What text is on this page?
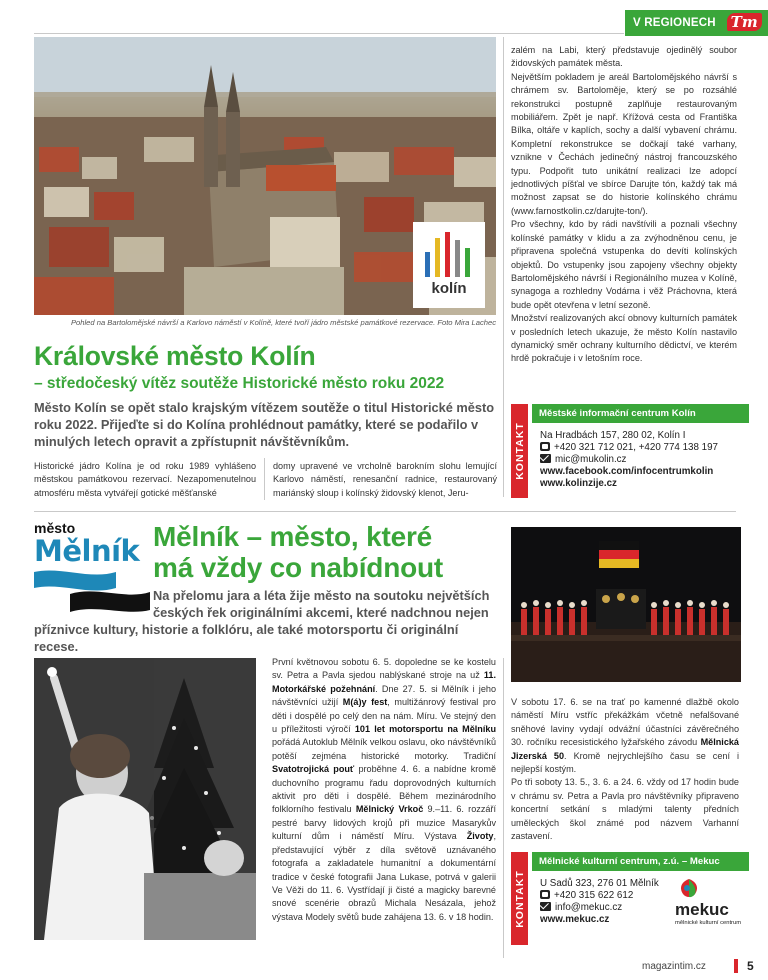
V REGIONECH Tm
kolín
Pohled na Bartolomějské návrší a Karlovo náměstí v Kolíně, které tvoří jádro městské památkové rezervace. Foto Mira Lachec
Královské město Kolín
– středočeský vítěz soutěže Historické město roku 2022
Město Kolín se opět stalo krajským vítězem soutěže o titul Historické město roku 2022. Přijeďte si do Kolína prohlédnout památky, které se podařilo v minulých letech opravit a zpřístupnit návštěvníkům.
Historické jádro Kolína je od roku 1989 vyhlášeno městskou památkovou rezervací. Nezapomenutelnou atmosféru města vytvářejí gotické měšťanské
domy upravené ve vrcholně barokním slohu lemující Karlovo náměstí, renesanční radnice, restaurovaný mariánský sloup i kolínský židovský klenot, Jeru-

zalém na Labi, který představuje ojedinělý soubor židovských památek města.

Největším pokladem je areál Bartolomějského návrší s chrámem sv. Bartoloměje, který se po rozsáhlé rekonstrukci postupně zaplňuje restaurovaným mobiliářem. Zpět je např. Křížová cesta od Františka Bílka, oltáře v kaplích, sochy a další vybavení chrámu. Kompletní rekonstrukce se dočkají také varhany, vznikne v Čechách jedinečný nástroj francouzského typu. Podpořit tuto unikátní realizaci lze adopcí jednotlivých píšťal ve sbírce Darujte tón, každý tak má možnost zapsat se do historie kolínského chrámu (www.farnostkolin.cz/darujte-ton/).

Pro všechny, kdo by rádi navštívili a poznali všechny kolínské památky v klidu a za zvýhodněnou cenu, je připravena společná vstupenka do devíti kolínských objektů. Do vstupenky jsou zapojeny všechny objekty Bartolomějského návrší i Regionálního muzea v Kolíně, synagoga a rozhledny Vodárna i věž Práchovna, která bude opět otevřena v letní sezoně.

Množství realizovaných akcí obnovy kulturních památek v posledních letech ukazuje, že město Kolín nastavilo dynamický směr ochrany kulturního dědictví, ve kterém hrdě pokračuje i v letošním roce.

KONTAKT
Městské informační centrum Kolín
Na Hradbách 157, 280 02, Kolín I
+420 321 712 021, +420 774 138 197
mic@mukolin.cz
www.facebook.com/infocentrumkolin
www.kolinzije.cz
město
Mělník Mělník – město, které
má vždy co nabídnout
Na přelomu jara a léta žije město na soutoku největších
českých řek originálními akcemi, které nadchnou nejen
příznivce kultury, historie a folklóru, ale také motorsportu či originální recese.

První květnovou sobotu 6. 5. dopoledne se ke kostelu sv. Petra a Pavla sjedou nablýskané stroje na už 11. Motorkářské požehnání. Dne 27. 5. si Mělník i jeho návštěvníci užijí M(á)y fest, multižánrový festival pro děti i dospělé po celý den na nám. Míru. Ve stejný den u příležitosti výročí 101 let motorsportu na Mělníku pořádá Autoklub Mělník velkou oslavu, oko návštěvníků potěší zejména historické motorky. Tradiční Svatotrojická pouť proběhne 4. 6. a nabídne kromě duchovního programu řadu doprovodných kulturních aktivit pro děti i dospělé. Během mezinárodního folklorního festivalu Mělnický Vrkoč 9.–11. 6. rozzáří pestré barvy lidových krojů při muzice Masarykův kulturní dům i náměstí Míru. Výstava Životy, představující výběr z díla světově uznávaného fotografa a zakladatele humanitní a dokumentární tradice v české fotografii Jana Lukase, potrvá v galerii Ve Věži do 11. 6. Vystřídají ji čisté a magicky barevné snové scenérie obrazů Michala Nesázala, jehož výstava Modely světů bude zahájena 13. 6. v 18 hodin.

V sobotu 17. 6. se na trať po kamenné dlažbě okolo náměstí Míru vstříc překážkám včetně nefalšované sněhové laviny vydají odvážní účastníci závěrečného 30. ročníku recesistického lyžařského závodu Mělnická Jizerská 50. Kromě nejrychlejšího času se cení i nejlepší kostým.

Po tři soboty 13. 5., 3. 6. a 24. 6. vždy od 17 hodin bude v chrámu sv. Petra a Pavla pro návštěvníky připraveno koncertní setkání s mladými talenty předních uměleckých škol známé pod názvem Varhanní zastavení.

KONTAKT
Mělnické kulturní centrum, z.ú. – Mekuc
U Sadů 323, 276 01 Mělník
+420 315 622 612
info@mekuc.cz
www.mekuc.cz
mekuc
mělnické kulturní centrum
magazintim.cz	5
